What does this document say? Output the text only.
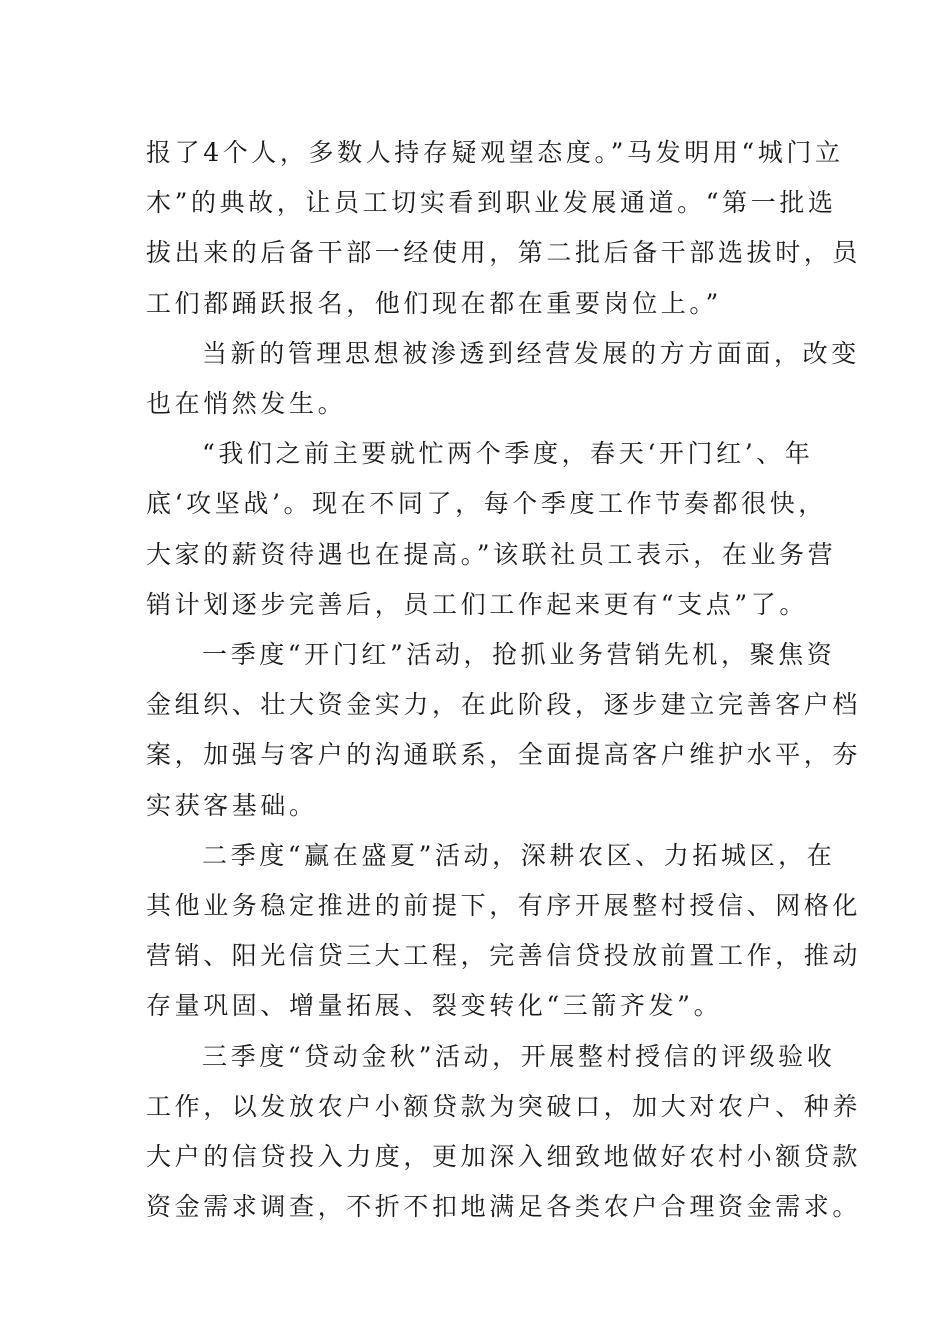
报了4个人，多数人持存疑观望态度。”马发明用“城门立
木”的典故，让员工切实看到职业发展通道。“第一批选
拔出来的后备干部一经使用，第二批后备干部选拔时，员
工们都踊跃报名，他们现在都在重要岗位上。”
当新的管理思想被渗透到经营发展的方方面面，改变
也在悄然发生。
“我们之前主要就忙两个季度，春天‘开门红’、年
底‘攻坚战’。现在不同了，每个季度工作节奏都很快，
大家的薪资待遇也在提高。”该联社员工表示，在业务营
销计划逐步完善后，员工们工作起来更有“支点”了。
一季度“开门红”活动，抢抓业务营销先机，聚焦资
金组织、壮大资金实力，在此阶段，逐步建立完善客户档
案，加强与客户的沟通联系，全面提高客户维护水平，夯
实获客基础。
二季度“赢在盛夏”活动，深耕农区、力拓城区，在
其他业务稳定推进的前提下，有序开展整村授信、网格化
营销、阳光信贷三大工程，完善信贷投放前置工作，推动
存量巩固、增量拓展、裂变转化“三箭齐发”。
三季度“贷动金秋”活动，开展整村授信的评级验收
工作，以发放农户小额贷款为突破口，加大对农户、种养
大户的信贷投入力度，更加深入细致地做好农村小额贷款
资金需求调查，不折不扣地满足各类农户合理资金需求。
